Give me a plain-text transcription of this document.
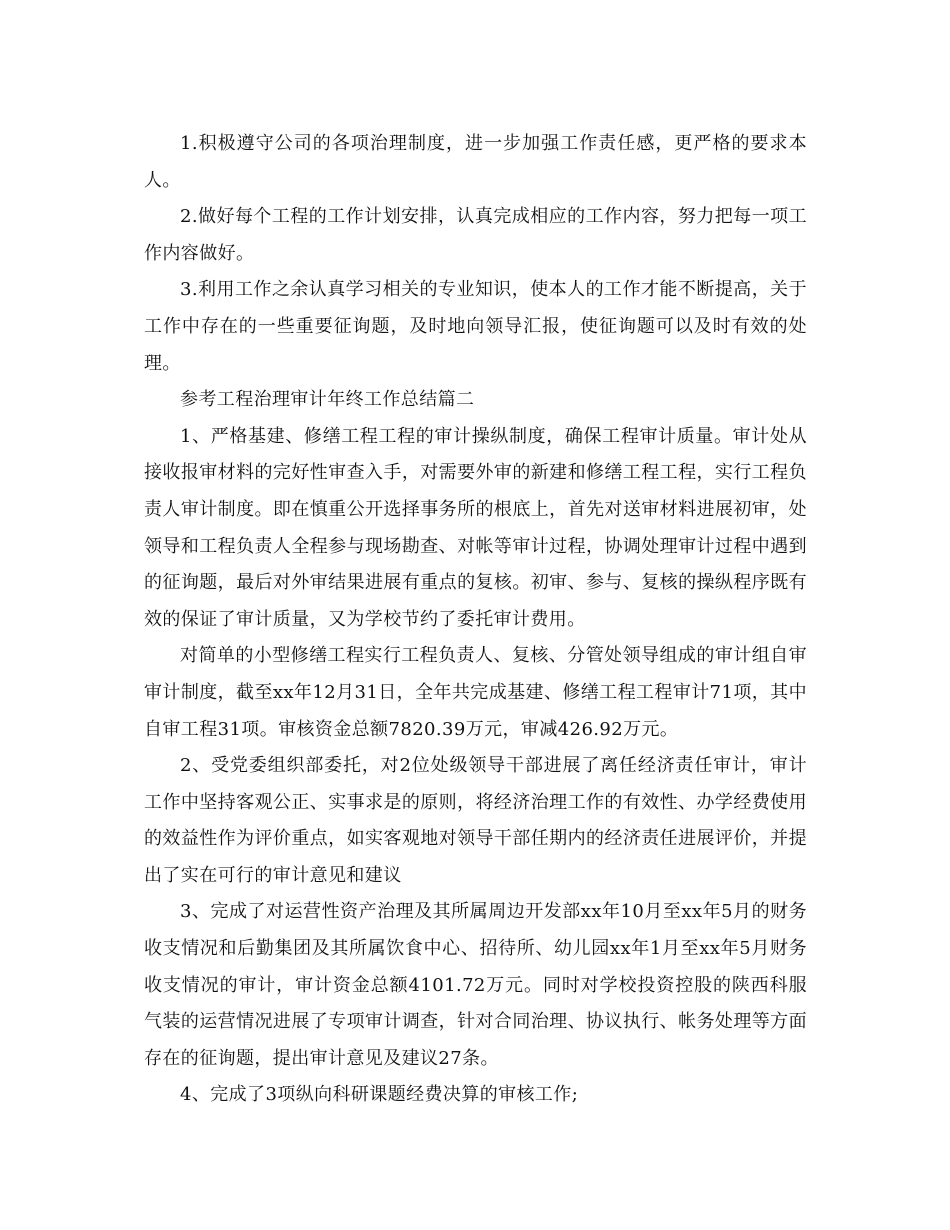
1.积极遵守公司的各项治理制度，进一步加强工作责任感，更严格的要求本人。

2.做好每个工程的工作计划安排，认真完成相应的工作内容，努力把每一项工作内容做好。

3.利用工作之余认真学习相关的专业知识，使本人的工作才能不断提高，关于工作中存在的一些重要征询题，及时地向领导汇报，使征询题可以及时有效的处理。

参考工程治理审计年终工作总结篇二

1、严格基建、修缮工程工程的审计操纵制度，确保工程审计质量。审计处从接收报审材料的完好性审查入手，对需要外审的新建和修缮工程工程，实行工程负责人审计制度。即在慎重公开选择事务所的根底上，首先对送审材料进展初审，处领导和工程负责人全程参与现场勘查、对帐等审计过程，协调处理审计过程中遇到的征询题，最后对外审结果进展有重点的复核。初审、参与、复核的操纵程序既有效的保证了审计质量，又为学校节约了委托审计费用。

对简单的小型修缮工程实行工程负责人、复核、分管处领导组成的审计组自审审计制度，截至xx年12月31日，全年共完成基建、修缮工程工程审计71项，其中自审工程31项。审核资金总额7820.39万元，审减426.92万元。

2、受党委组织部委托，对2位处级领导干部进展了离任经济责任审计，审计工作中坚持客观公正、实事求是的原则，将经济治理工作的有效性、办学经费使用的效益性作为评价重点，如实客观地对领导干部任期内的经济责任进展评价，并提出了实在可行的审计意见和建议

3、完成了对运营性资产治理及其所属周边开发部xx年10月至xx年5月的财务收支情况和后勤集团及其所属饮食中心、招待所、幼儿园xx年1月至xx年5月财务收支情况的审计，审计资金总额4101.72万元。同时对学校投资控股的陕西科服气装的运营情况进展了专项审计调查，针对合同治理、协议执行、帐务处理等方面存在的征询题，提出审计意见及建议27条。

4、完成了3项纵向科研课题经费决算的审核工作;
